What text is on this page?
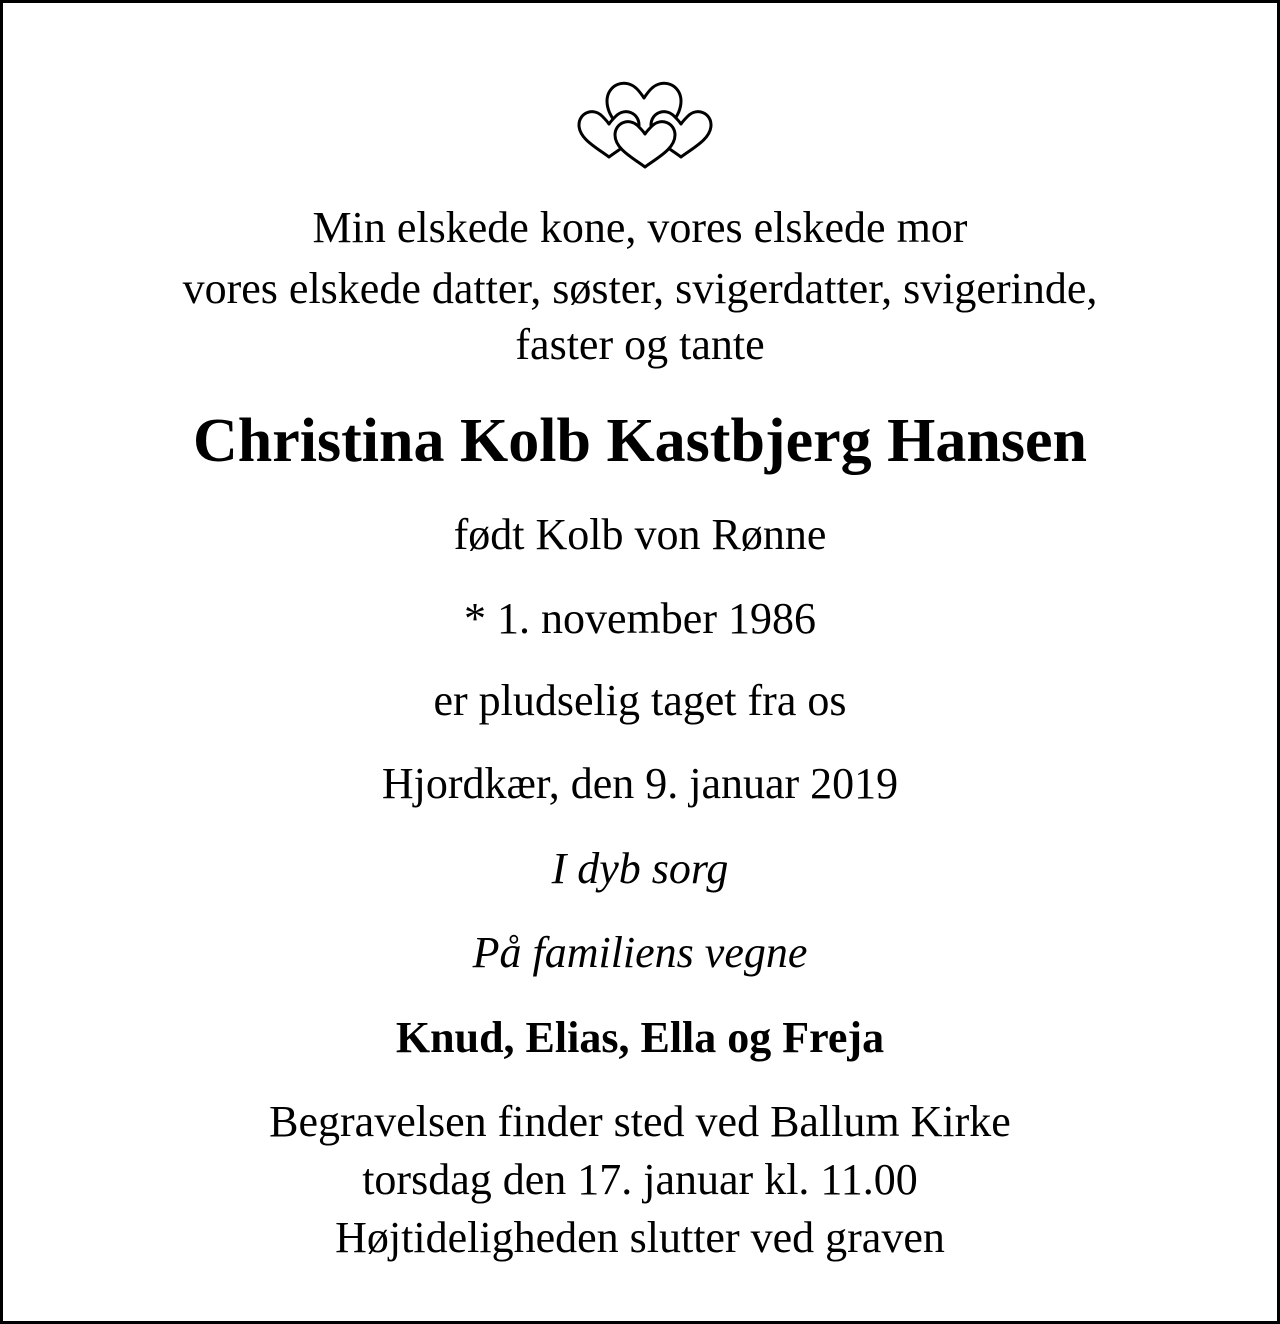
Min elskede kone, vores elskede mor
vores elskede datter, søster, svigerdatter, svigerinde,
faster og tante
Christina Kolb Kastbjerg Hansen
født Kolb von Rønne
* 1. november 1986
er pludselig taget fra os
Hjordkær, den 9. januar 2019
I dyb sorg
På familiens vegne
Knud, Elias, Ella og Freja
Begravelsen finder sted ved Ballum Kirke
torsdag den 17. januar kl. 11.00
Højtideligheden slutter ved graven
